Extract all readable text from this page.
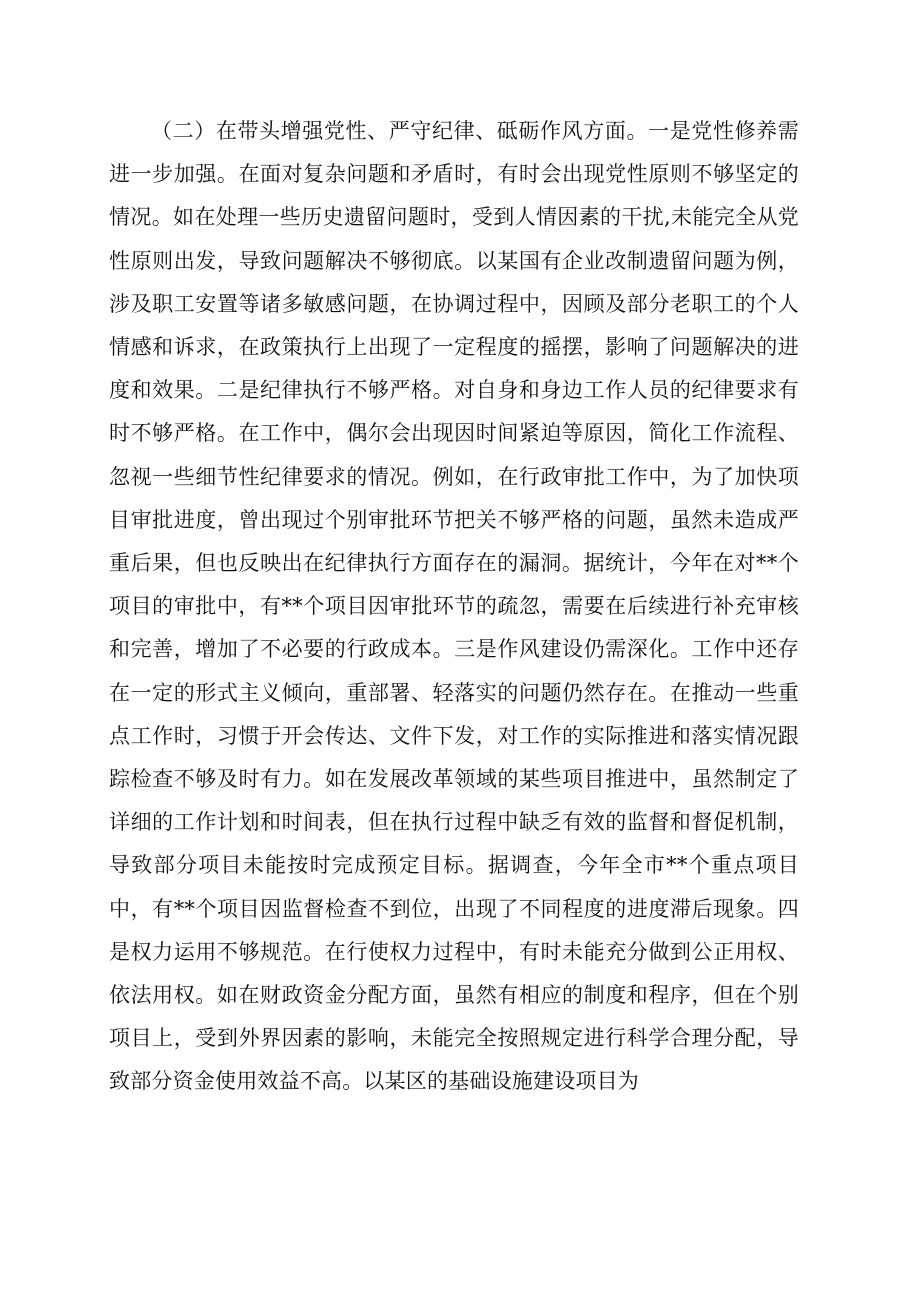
（二）在带头增强党性、严守纪律、砥砺作风方面。一是党性修养需进一步加强。在面对复杂问题和矛盾时，有时会出现党性原则不够坚定的情况。如在处理一些历史遗留问题时，受到人情因素的干扰,未能完全从党性原则出发，导致问题解决不够彻底。以某国有企业改制遗留问题为例，涉及职工安置等诸多敏感问题，在协调过程中，因顾及部分老职工的个人情感和诉求，在政策执行上出现了一定程度的摇摆，影响了问题解决的进度和效果。二是纪律执行不够严格。对自身和身边工作人员的纪律要求有时不够严格。在工作中，偶尔会出现因时间紧迫等原因，简化工作流程、忽视一些细节性纪律要求的情况。例如，在行政审批工作中，为了加快项目审批进度，曾出现过个别审批环节把关不够严格的问题，虽然未造成严重后果，但也反映出在纪律执行方面存在的漏洞。据统计，今年在对**个项目的审批中，有**个项目因审批环节的疏忽，需要在后续进行补充审核和完善，增加了不必要的行政成本。三是作风建设仍需深化。工作中还存在一定的形式主义倾向，重部署、轻落实的问题仍然存在。在推动一些重点工作时，习惯于开会传达、文件下发，对工作的实际推进和落实情况跟踪检查不够及时有力。如在发展改革领域的某些项目推进中，虽然制定了详细的工作计划和时间表，但在执行过程中缺乏有效的监督和督促机制，导致部分项目未能按时完成预定目标。据调查，今年全市**个重点项目中，有**个项目因监督检查不到位，出现了不同程度的进度滞后现象。四是权力运用不够规范。在行使权力过程中，有时未能充分做到公正用权、依法用权。如在财政资金分配方面，虽然有相应的制度和程序，但在个别项目上，受到外界因素的影响，未能完全按照规定进行科学合理分配，导致部分资金使用效益不高。以某区的基础设施建设项目为
